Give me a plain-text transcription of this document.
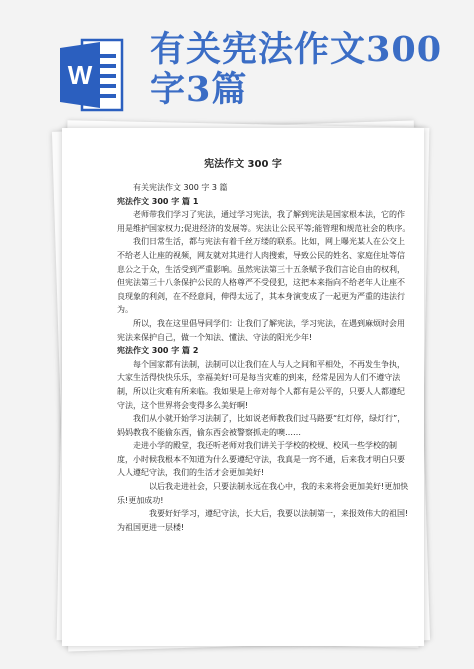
W
有关宪法作文300字3篇
宪法作文 300 字

有关宪法作文 300 字 3 篇

宪法作文 300 字 篇 1

老师带我们学习了宪法，通过学习宪法，我了解到宪法是国家根本法，它的作用是维护国家权力;促进经济的发展等。宪法让公民平等;能管理和规范社会的秩序。

我们日常生活，都与宪法有着千丝万缕的联系。比如，网上曝光某人在公交上不给老人让座的视频，网友就对其进行人肉搜索，导致公民的姓名、家庭住址等信息公之于众，生活受到严重影响。虽然宪法第三十五条赋予我们言论自由的权利，但宪法第三十八条保护公民的人格尊严不受侵犯，这把本来指向不给老年人让座不良现象的利剑，在不经意间，伸得太远了，其本身演变成了一起更为严重的违法行为。

所以，我在这里倡导同学们：让我们了解宪法，学习宪法，在遇到麻烦时会用宪法来保护自己，做一个知法、懂法、守法的阳光少年!

宪法作文 300 字 篇 2

每个国家都有法制，法制可以让我们在人与人之间和平相处，不再发生争执，大家生活得快快乐乐，幸福美好!可是每当灾难的到来，经常是因为人们不遵守法制，所以让灾难有所来临。我如果是上帝对每个人都有是公平的，只要人人都遵纪守法，这个世界将会变得多么美好啊!

我们从小就开始学习法制了，比如说老师教我们过马路要“红灯停，绿灯行”，妈妈教我不能偷东西，偷东西会被警察抓走的噢……

走进小学的殿堂，我还听老师对我们讲关于学校的校规、校风一些学校的制度，小时候我根本不知道为什么要遵纪守法，我真是一窍不通，后来我才明白只要人人遵纪守法，我们的生活才会更加美好!

以后我走进社会，只要法制永远在我心中，我的未来将会更加美好!更加快乐!更加成功!

我要好好学习，遵纪守法，长大后，我要以法制第一，来报效伟大的祖国!为祖国更进一层楼!
